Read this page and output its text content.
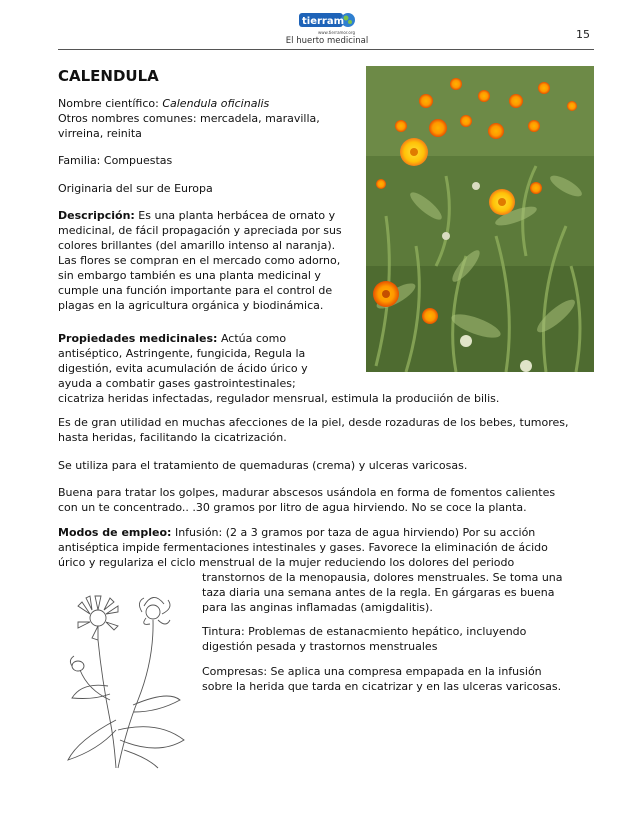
tierram
www.tierramor.org
El huerto medicinal	15
CALENDULA
Nombre científico: Calendula oficinalis
Otros nombres comunes: mercadela, maravilla,
virreina, reinita
Familia: Compuestas
Originaria del sur de Europa
Descripción: Es una planta herbácea de ornato y
medicinal, de fácil propagación y apreciada por sus
colores brillantes (del amarillo intenso al naranja).
Las flores se compran en el mercado como adorno,
sin embargo también es una planta medicinal y
cumple una función importante para el control de
plagas en la agricultura orgánica y biodinámica.
Propiedades medicinales: Actúa como
antiséptico, Astringente, fungicida, Regula la
digestión, evita acumulación de ácido úrico y
ayuda a combatir gases gastrointestinales;
cicatriza heridas infectadas, regulador mensrual, estimula la produciión de bilis.
Es de gran utilidad en muchas afecciones de la piel, desde rozaduras de los bebes, tumores,
hasta heridas, facilitando la cicatrización.
Se utiliza para el tratamiento de quemaduras (crema) y ulceras varicosas.
Buena para tratar los golpes, madurar abscesos usándola en forma de fomentos calientes
con un te concentrado.. .30 gramos por litro de agua hirviendo. No se coce la planta.
Modos de empleo: Infusión: (2 a 3 gramos por taza de agua hirviendo) Por su acción
antiséptica impide fermentaciones intestinales y gases. Favorece la eliminación de ácido
úrico y regulariza el ciclo menstrual de la mujer reduciendo los dolores del periodo
transtornos de la menopausia, dolores menstruales. Se toma una
taza diaria una semana antes de la regla. En gárgaras es buena
para las anginas inflamadas (amigdalitis).
Tintura: Problemas de estanacmiento hepático, incluyendo
digestión pesada y trastornos menstruales
Compresas: Se aplica una compresa empapada en la infusión
sobre la herida que tarda en cicatrizar y en las ulceras varicosas.
